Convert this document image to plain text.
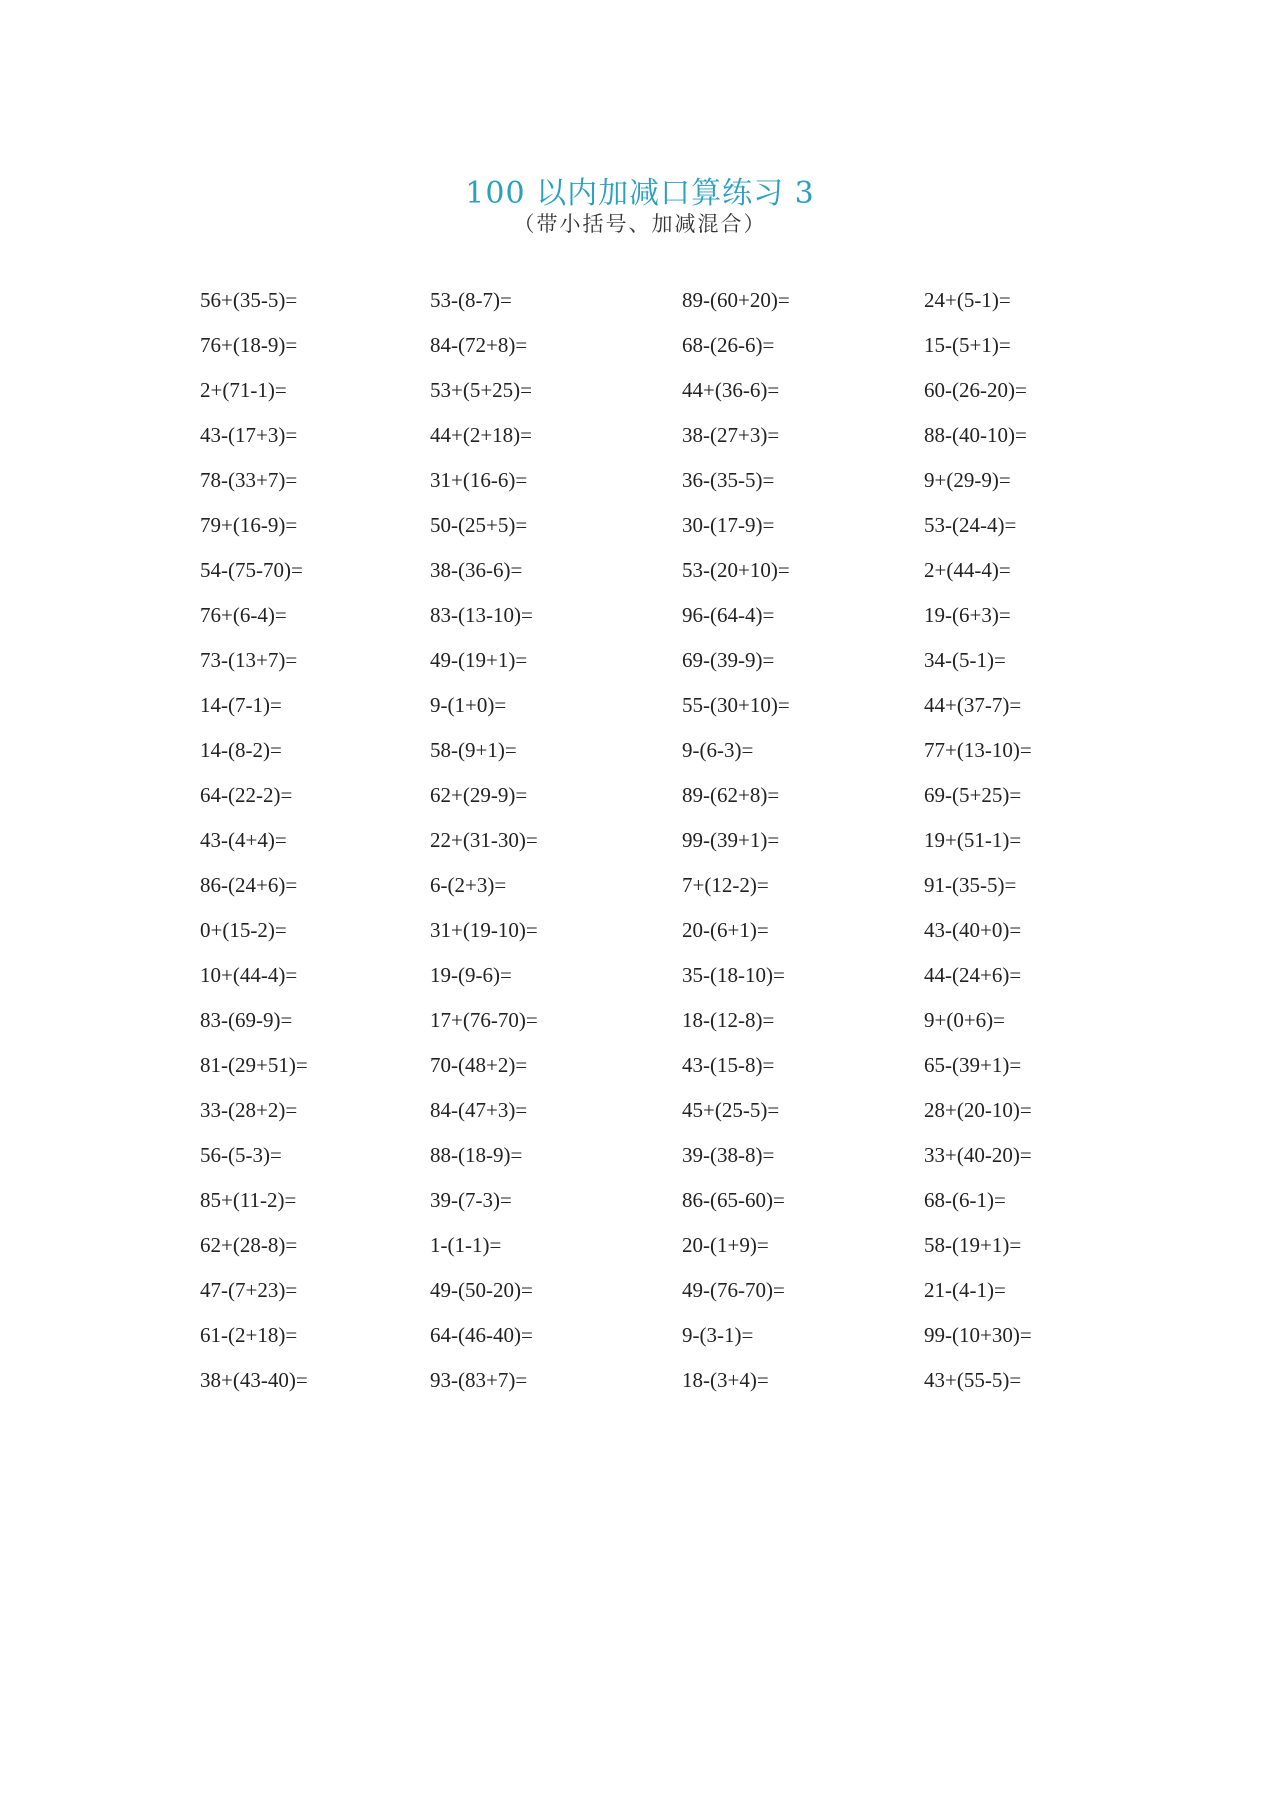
100 以内加减口算练习 3
（带小括号、加减混合）
56+(35-5)=	53-(8-7)=	89-(60+20)=	24+(5-1)=
76+(18-9)=	84-(72+8)=	68-(26-6)=	15-(5+1)=
2+(71-1)=	53+(5+25)=	44+(36-6)=	60-(26-20)=
43-(17+3)=	44+(2+18)=	38-(27+3)=	88-(40-10)=
78-(33+7)=	31+(16-6)=	36-(35-5)=	9+(29-9)=
79+(16-9)=	50-(25+5)=	30-(17-9)=	53-(24-4)=
54-(75-70)=	38-(36-6)=	53-(20+10)=	2+(44-4)=
76+(6-4)=	83-(13-10)=	96-(64-4)=	19-(6+3)=
73-(13+7)=	49-(19+1)=	69-(39-9)=	34-(5-1)=
14-(7-1)=	9-(1+0)=	55-(30+10)=	44+(37-7)=
14-(8-2)=	58-(9+1)=	9-(6-3)=	77+(13-10)=
64-(22-2)=	62+(29-9)=	89-(62+8)=	69-(5+25)=
43-(4+4)=	22+(31-30)=	99-(39+1)=	19+(51-1)=
86-(24+6)=	6-(2+3)=	7+(12-2)=	91-(35-5)=
0+(15-2)=	31+(19-10)=	20-(6+1)=	43-(40+0)=
10+(44-4)=	19-(9-6)=	35-(18-10)=	44-(24+6)=
83-(69-9)=	17+(76-70)=	18-(12-8)=	9+(0+6)=
81-(29+51)=	70-(48+2)=	43-(15-8)=	65-(39+1)=
33-(28+2)=	84-(47+3)=	45+(25-5)=	28+(20-10)=
56-(5-3)=	88-(18-9)=	39-(38-8)=	33+(40-20)=
85+(11-2)=	39-(7-3)=	86-(65-60)=	68-(6-1)=
62+(28-8)=	1-(1-1)=	20-(1+9)=	58-(19+1)=
47-(7+23)=	49-(50-20)=	49-(76-70)=	21-(4-1)=
61-(2+18)=	64-(46-40)=	9-(3-1)=	99-(10+30)=
38+(43-40)=	93-(83+7)=	18-(3+4)=	43+(55-5)=
